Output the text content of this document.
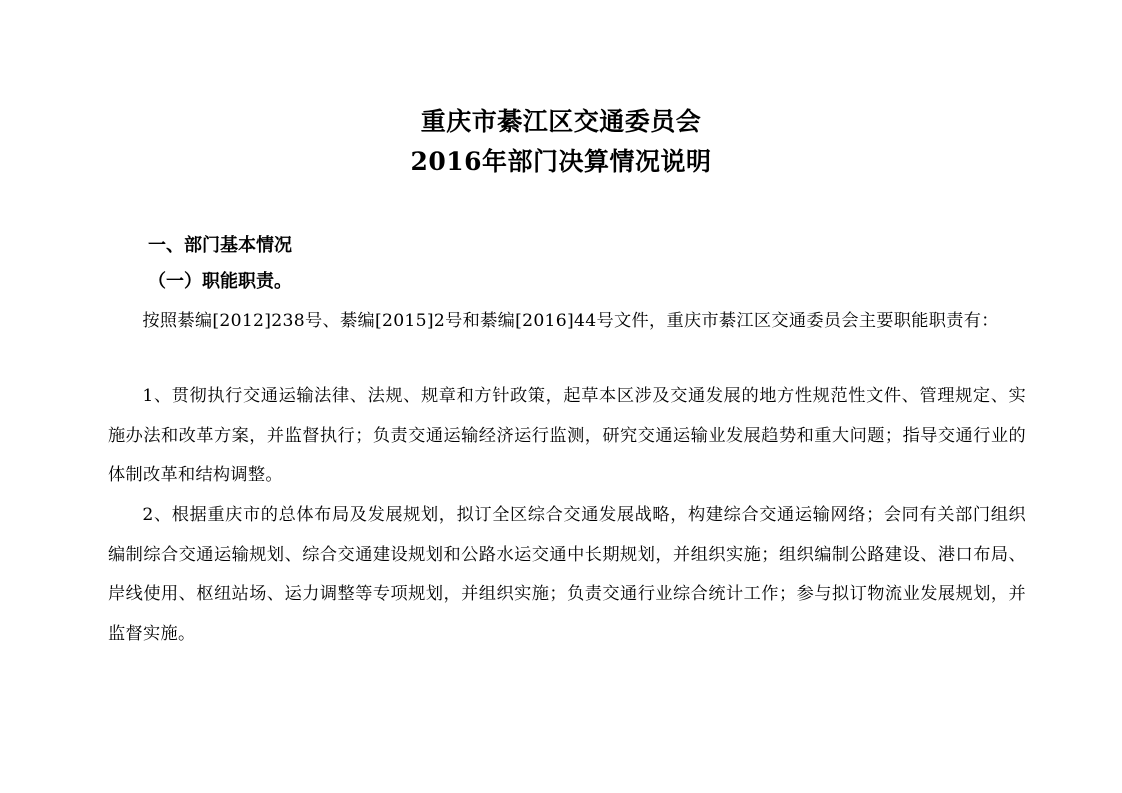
重庆市綦江区交通委员会
2016年部门决算情况说明
一、部门基本情况
（一）职能职责。

按照綦编[2012]238号、綦编[2015]2号和綦编[2016]44号文件，重庆市綦江区交通委员会主要职能职责有：

1、贯彻执行交通运输法律、法规、规章和方针政策，起草本区涉及交通发展的地方性规范性文件、管理规定、实施办法和改革方案，并监督执行；负责交通运输经济运行监测，研究交通运输业发展趋势和重大问题；指导交通行业的体制改革和结构调整。

2、根据重庆市的总体布局及发展规划，拟订全区综合交通发展战略，构建综合交通运输网络；会同有关部门组织编制综合交通运输规划、综合交通建设规划和公路水运交通中长期规划，并组织实施；组织编制公路建设、港口布局、岸线使用、枢纽站场、运力调整等专项规划，并组织实施；负责交通行业综合统计工作；参与拟订物流业发展规划，并监督实施。
